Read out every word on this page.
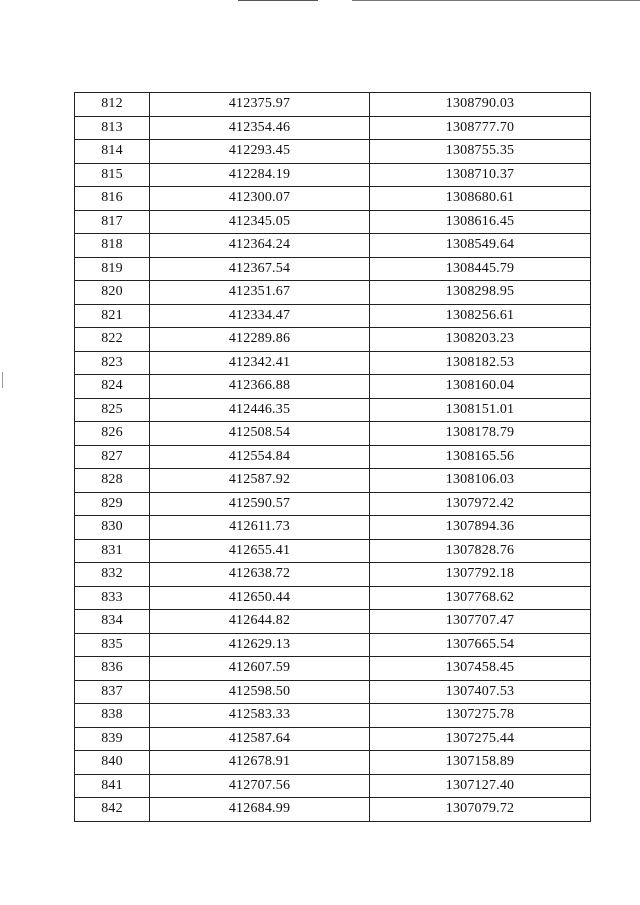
812	412375.97	1308790.03
813	412354.46	1308777.70
814	412293.45	1308755.35
815	412284.19	1308710.37
816	412300.07	1308680.61
817	412345.05	1308616.45
818	412364.24	1308549.64
819	412367.54	1308445.79
820	412351.67	1308298.95
821	412334.47	1308256.61
822	412289.86	1308203.23
823	412342.41	1308182.53
824	412366.88	1308160.04
825	412446.35	1308151.01
826	412508.54	1308178.79
827	412554.84	1308165.56
828	412587.92	1308106.03
829	412590.57	1307972.42
830	412611.73	1307894.36
831	412655.41	1307828.76
832	412638.72	1307792.18
833	412650.44	1307768.62
834	412644.82	1307707.47
835	412629.13	1307665.54
836	412607.59	1307458.45
837	412598.50	1307407.53
838	412583.33	1307275.78
839	412587.64	1307275.44
840	412678.91	1307158.89
841	412707.56	1307127.40
842	412684.99	1307079.72
